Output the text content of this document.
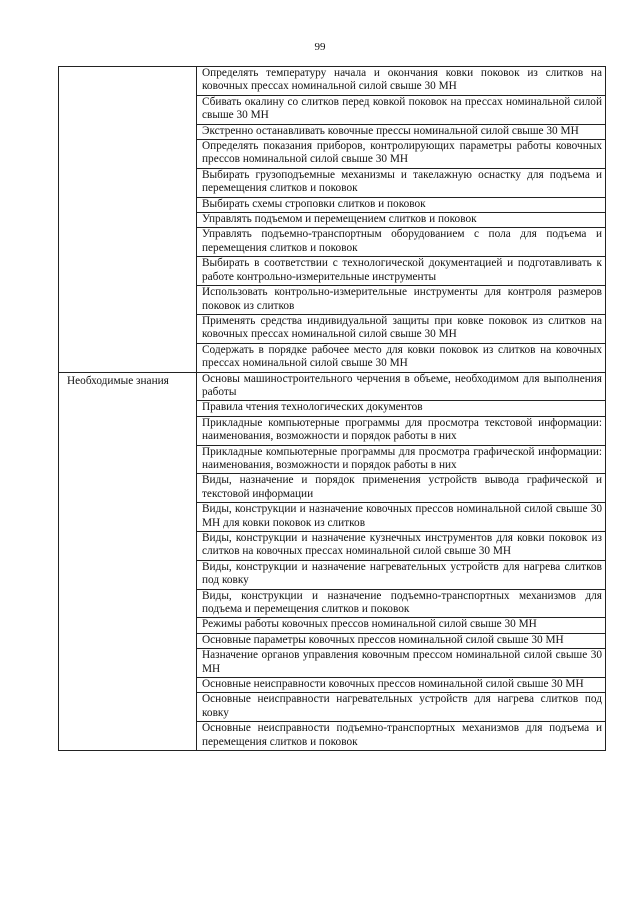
99
	Определять температуру начала и окончания ковки поковок из слитков на ковочных прессах номинальной силой свыше 30 МН
	Сбивать окалину со слитков перед ковкой поковок на прессах номинальной силой свыше 30 МН
	Экстренно останавливать ковочные прессы номинальной силой свыше 30 МН
	Определять показания приборов, контролирующих параметры работы ковочных прессов номинальной силой свыше 30 МН
	Выбирать грузоподъемные механизмы и такелажную оснастку для подъема и перемещения слитков и поковок
	Выбирать схемы строповки слитков и поковок
	Управлять подъемом и перемещением слитков и поковок
	Управлять подъемно-транспортным оборудованием с пола для подъема и перемещения слитков и поковок
	Выбирать в соответствии с технологической документацией и подготавливать к работе контрольно-измерительные инструменты
	Использовать контрольно-измерительные инструменты для контроля размеров поковок из слитков
	Применять средства индивидуальной защиты при ковке поковок из слитков на ковочных прессах номинальной силой свыше 30 МН
	Содержать в порядке рабочее место для ковки поковок из слитков на ковочных прессах номинальной силой свыше 30 МН
Необходимые знания	Основы машиностроительного черчения в объеме, необходимом для выполнения работы
	Правила чтения технологических документов
	Прикладные компьютерные программы для просмотра текстовой информации: наименования, возможности и порядок работы в них
	Прикладные компьютерные программы для просмотра графической информации: наименования, возможности и порядок работы в них
	Виды, назначение и порядок применения устройств вывода графической и текстовой информации
	Виды, конструкции и назначение ковочных прессов номинальной силой свыше 30 МН для ковки поковок из слитков
	Виды, конструкции и назначение кузнечных инструментов для ковки поковок из слитков на ковочных прессах номинальной силой свыше 30 МН
	Виды, конструкции и назначение нагревательных устройств для нагрева слитков под ковку
	Виды, конструкции и назначение подъемно-транспортных механизмов для подъема и перемещения слитков и поковок
	Режимы работы ковочных прессов номинальной силой свыше 30 МН
	Основные параметры ковочных прессов номинальной силой свыше 30 МН
	Назначение органов управления ковочным прессом номинальной силой свыше 30 МН
	Основные неисправности ковочных прессов номинальной силой свыше 30 МН
	Основные неисправности нагревательных устройств для нагрева слитков под ковку
	Основные неисправности подъемно-транспортных механизмов для подъема и перемещения слитков и поковок
